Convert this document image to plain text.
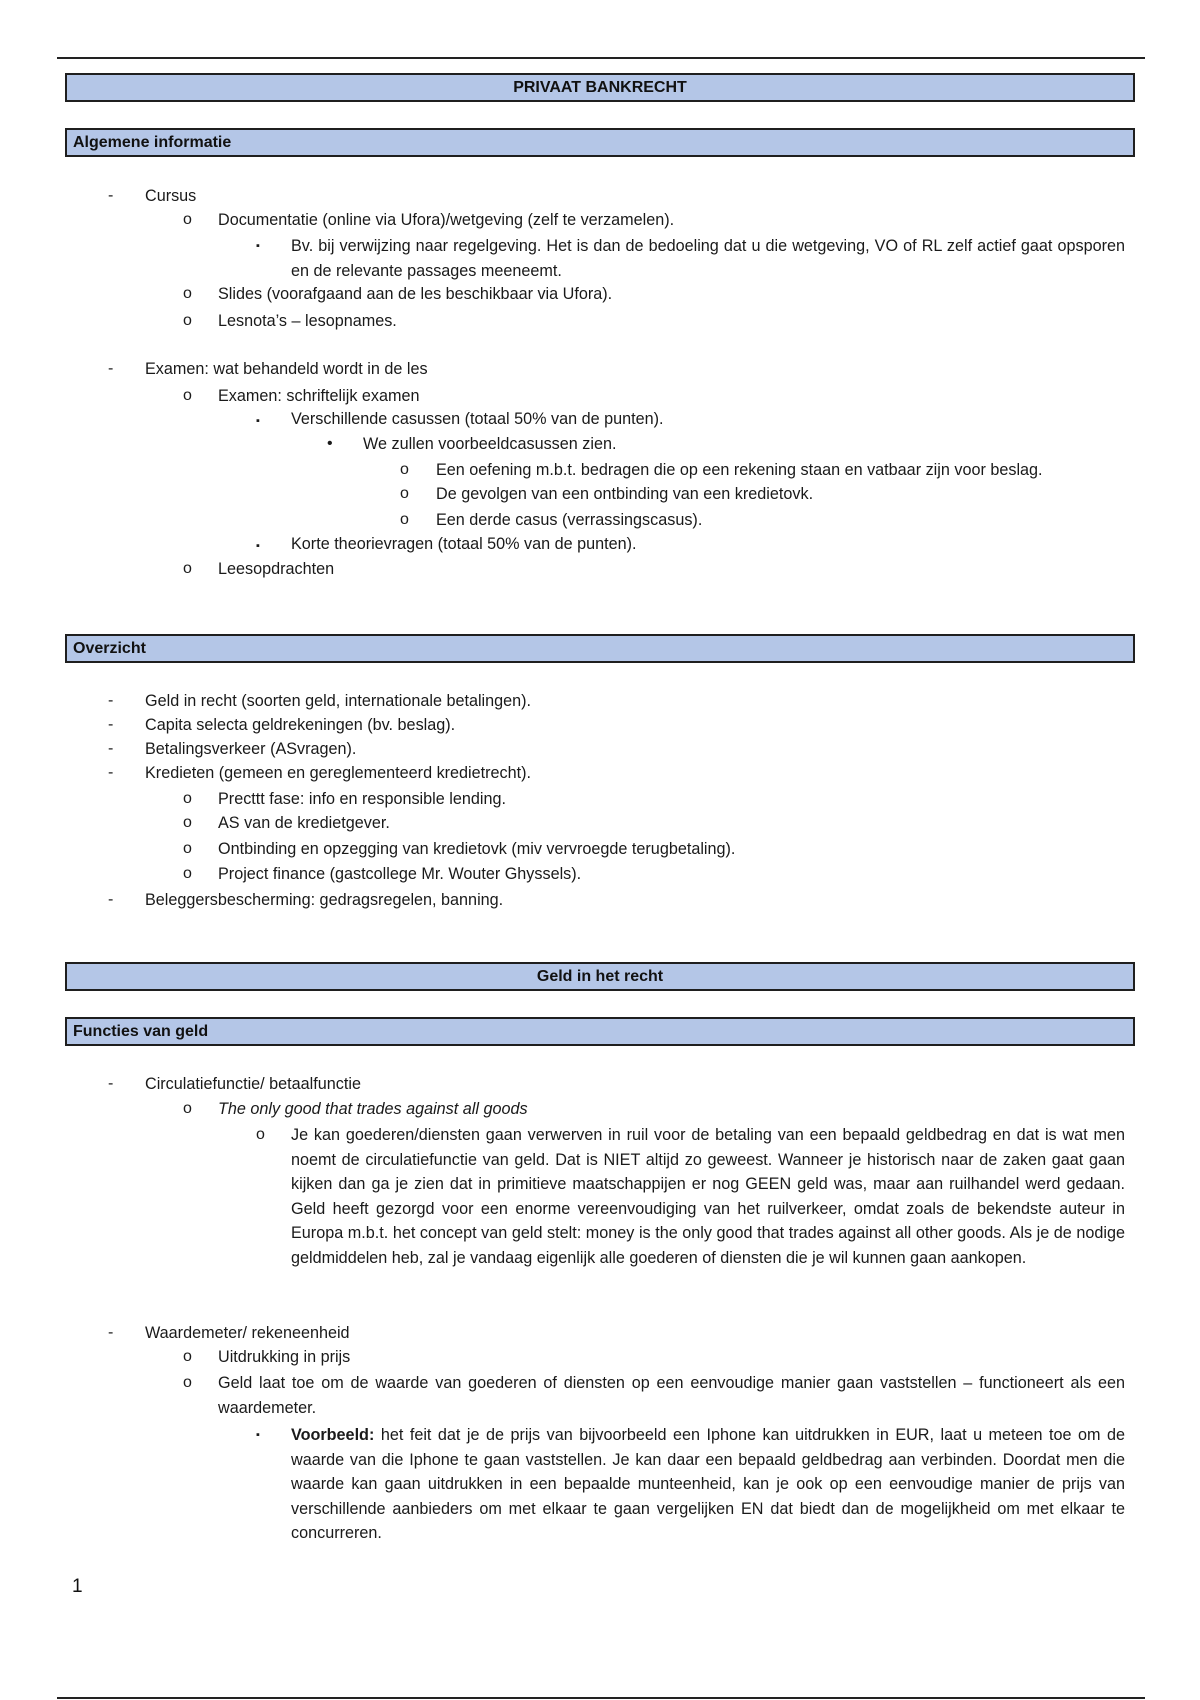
PRIVAAT BANKRECHT
Algemene informatie
- Cursus
o Documentatie (online via Ufora)/wetgeving (zelf te verzamelen).
▪ Bv. bij verwijzing naar regelgeving. Het is dan de bedoeling dat u die wetgeving, VO of RL zelf actief gaat opsporen en de relevante passages meeneemt.
o Slides (voorafgaand aan de les beschikbaar via Ufora).
o Lesnota’s – lesopnames.
- Examen: wat behandeld wordt in de les
o Examen: schriftelijk examen
▪ Verschillende casussen (totaal 50% van de punten).
• We zullen voorbeeldcasussen zien.
o Een oefening m.b.t. bedragen die op een rekening staan en vatbaar zijn voor beslag.
o De gevolgen van een ontbinding van een kredietovk.
o Een derde casus (verrassingscasus).
▪ Korte theorievragen (totaal 50% van de punten).
o Leesopdrachten
Overzicht
- Geld in recht (soorten geld, internationale betalingen).
- Capita selecta geldrekeningen (bv. beslag).
- Betalingsverkeer (ASvragen).
- Kredieten (gemeen en gereglementeerd kredietrecht).
o Precttt fase: info en responsible lending.
o AS van de kredietgever.
o Ontbinding en opzegging van kredietovk (miv vervroegde terugbetaling).
o Project finance (gastcollege Mr. Wouter Ghyssels).
- Beleggersbescherming: gedragsregelen, banning.
Geld in het recht
Functies van geld
- Circulatiefunctie/ betaalfunctie
o The only good that trades against all goods
o Je kan goederen/diensten gaan verwerven in ruil voor de betaling van een bepaald geldbedrag en dat is wat men noemt de circulatiefunctie van geld. Dat is NIET altijd zo geweest. Wanneer je historisch naar de zaken gaat gaan kijken dan ga je zien dat in primitieve maatschappijen er nog GEEN geld was, maar aan ruilhandel werd gedaan. Geld heeft gezorgd voor een enorme vereenvoudiging van het ruilverkeer, omdat zoals de bekendste auteur in Europa m.b.t. het concept van geld stelt: money is the only good that trades against all other goods. Als je de nodige geldmiddelen heb, zal je vandaag eigenlijk alle goederen of diensten die je wil kunnen gaan aankopen.
- Waardemeter/ rekeneenheid
o Uitdrukking in prijs
o Geld laat toe om de waarde van goederen of diensten op een eenvoudige manier gaan vaststellen – functioneert als een waardemeter.
▪ Voorbeeld: het feit dat je de prijs van bijvoorbeeld een Iphone kan uitdrukken in EUR, laat u meteen toe om de waarde van die Iphone te gaan vaststellen. Je kan daar een bepaald geldbedrag aan verbinden. Doordat men die waarde kan gaan uitdrukken in een bepaalde munteenheid, kan je ook op een eenvoudige manier de prijs van verschillende aanbieders om met elkaar te gaan vergelijken EN dat biedt dan de mogelijkheid om met elkaar te concurreren.
1
